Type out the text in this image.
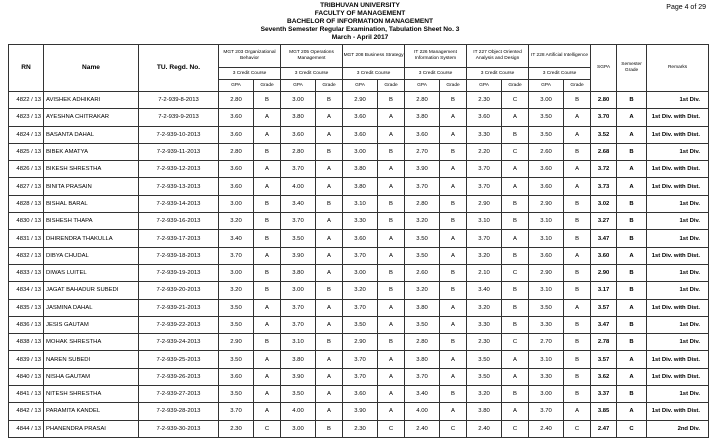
Page 4 of 29
TRIBHUVAN UNIVERSITY
FACULTY OF MANAGEMENT
BACHELOR OF INFORMATION MANAGEMENT
Seventh Semester Regular Examination, Tabulation Sheet No. 3
March - April 2017
RN	Name	TU. Regd. No.	MGT 203 Organizational Behavior		MGT 205 Operations Management		MGT 208 Business Strategy		IT 226 Management Information System		IT 227 Object Oriented Analysis and Design		IT 228 Artificial Intelligence		SGPA	Semester Grade	Remarks
			3 Credit Course		3 Credit Course		3 Credit Course		3 Credit Course		3 Credit Course		3 Credit Course				
			GPA	Grade	GPA	Grade	GPA	Grade	GPA	Grade	GPA	Grade	GPA	Grade			
4822 / 13	AVISHEK ADHIKARI	7-2-939-8-2013	2.80	B	3.00	B	2.90	B	2.80	B	2.30	C	3.00	B	2.80	B	1st Div.
4823 / 13	AYESHNA CHITRAKAR	7-2-939-9-2013	3.60	A	3.80	A	3.60	A	3.80	A	3.60	A	3.50	A	3.70	A	1st Div. with Dist.
4824 / 13	BASANTA DAHAL	7-2-939-10-2013	3.60	A	3.60	A	3.60	A	3.60	A	3.30	B	3.50	A	3.52	A	1st Div. with Dist.
4825 / 13	BIBEK AMATYA	7-2-939-11-2013	2.80	B	2.80	B	3.00	B	2.70	B	2.20	C	2.60	B	2.68	B	1st Div.
4826 / 13	BIKESH SHRESTHA	7-2-939-12-2013	3.60	A	3.70	A	3.80	A	3.90	A	3.70	A	3.60	A	3.72	A	1st Div. with Dist.
4827 / 13	BINITA PRASAIN	7-2-939-13-2013	3.60	A	4.00	A	3.80	A	3.70	A	3.70	A	3.60	A	3.73	A	1st Div. with Dist.
4828 / 13	BISHAL BARAL	7-2-939-14-2013	3.00	B	3.40	B	3.10	B	2.80	B	2.90	B	2.90	B	3.02	B	1st Div.
4830 / 13	BISHESH THAPA	7-2-939-16-2013	3.20	B	3.70	A	3.30	B	3.20	B	3.10	B	3.10	B	3.27	B	1st Div.
4831 / 13	DHIRENDRA THAKULLA	7-2-939-17-2013	3.40	B	3.50	A	3.60	A	3.50	A	3.70	A	3.10	B	3.47	B	1st Div.
4832 / 13	DIBYA CHUDAL	7-2-939-18-2013	3.70	A	3.90	A	3.70	A	3.50	A	3.20	B	3.60	A	3.60	A	1st Div. with Dist.
4833 / 13	DIWAS LUITEL	7-2-939-19-2013	3.00	B	3.80	A	3.00	B	2.60	B	2.10	C	2.90	B	2.90	B	1st Div.
4834 / 13	JAGAT BAHADUR SUBEDI	7-2-939-20-2013	3.20	B	3.00	B	3.20	B	3.20	B	3.40	B	3.10	B	3.17	B	1st Div.
4835 / 13	JASMINA DAHAL	7-2-939-21-2013	3.50	A	3.70	A	3.70	A	3.80	A	3.20	B	3.50	A	3.57	A	1st Div. with Dist.
4836 / 13	JESIS GAUTAM	7-2-939-22-2013	3.50	A	3.70	A	3.50	A	3.50	A	3.30	B	3.30	B	3.47	B	1st Div.
4838 / 13	MOHAK SHRESTHA	7-2-939-24-2013	2.90	B	3.10	B	2.90	B	2.80	B	2.30	C	2.70	B	2.78	B	1st Div.
4839 / 13	NAREN SUBEDI	7-2-939-25-2013	3.50	A	3.80	A	3.70	A	3.80	A	3.50	A	3.10	B	3.57	A	1st Div. with Dist.
4840 / 13	NISHA GAUTAM	7-2-939-26-2013	3.60	A	3.90	A	3.70	A	3.70	A	3.50	A	3.30	B	3.62	A	1st Div. with Dist.
4841 / 13	NITESH SHRESTHA	7-2-939-27-2013	3.50	A	3.50	A	3.60	A	3.40	B	3.20	B	3.00	B	3.37	B	1st Div.
4842 / 13	PARAMITA KANDEL	7-2-939-28-2013	3.70	A	4.00	A	3.90	A	4.00	A	3.80	A	3.70	A	3.85	A	1st Div. with Dist.
4844 / 13	PHANENDRA PRASAI	7-2-939-30-2013	2.30	C	3.00	B	2.30	C	2.40	C	2.40	C	2.40	C	2.47	C	2nd Div.
